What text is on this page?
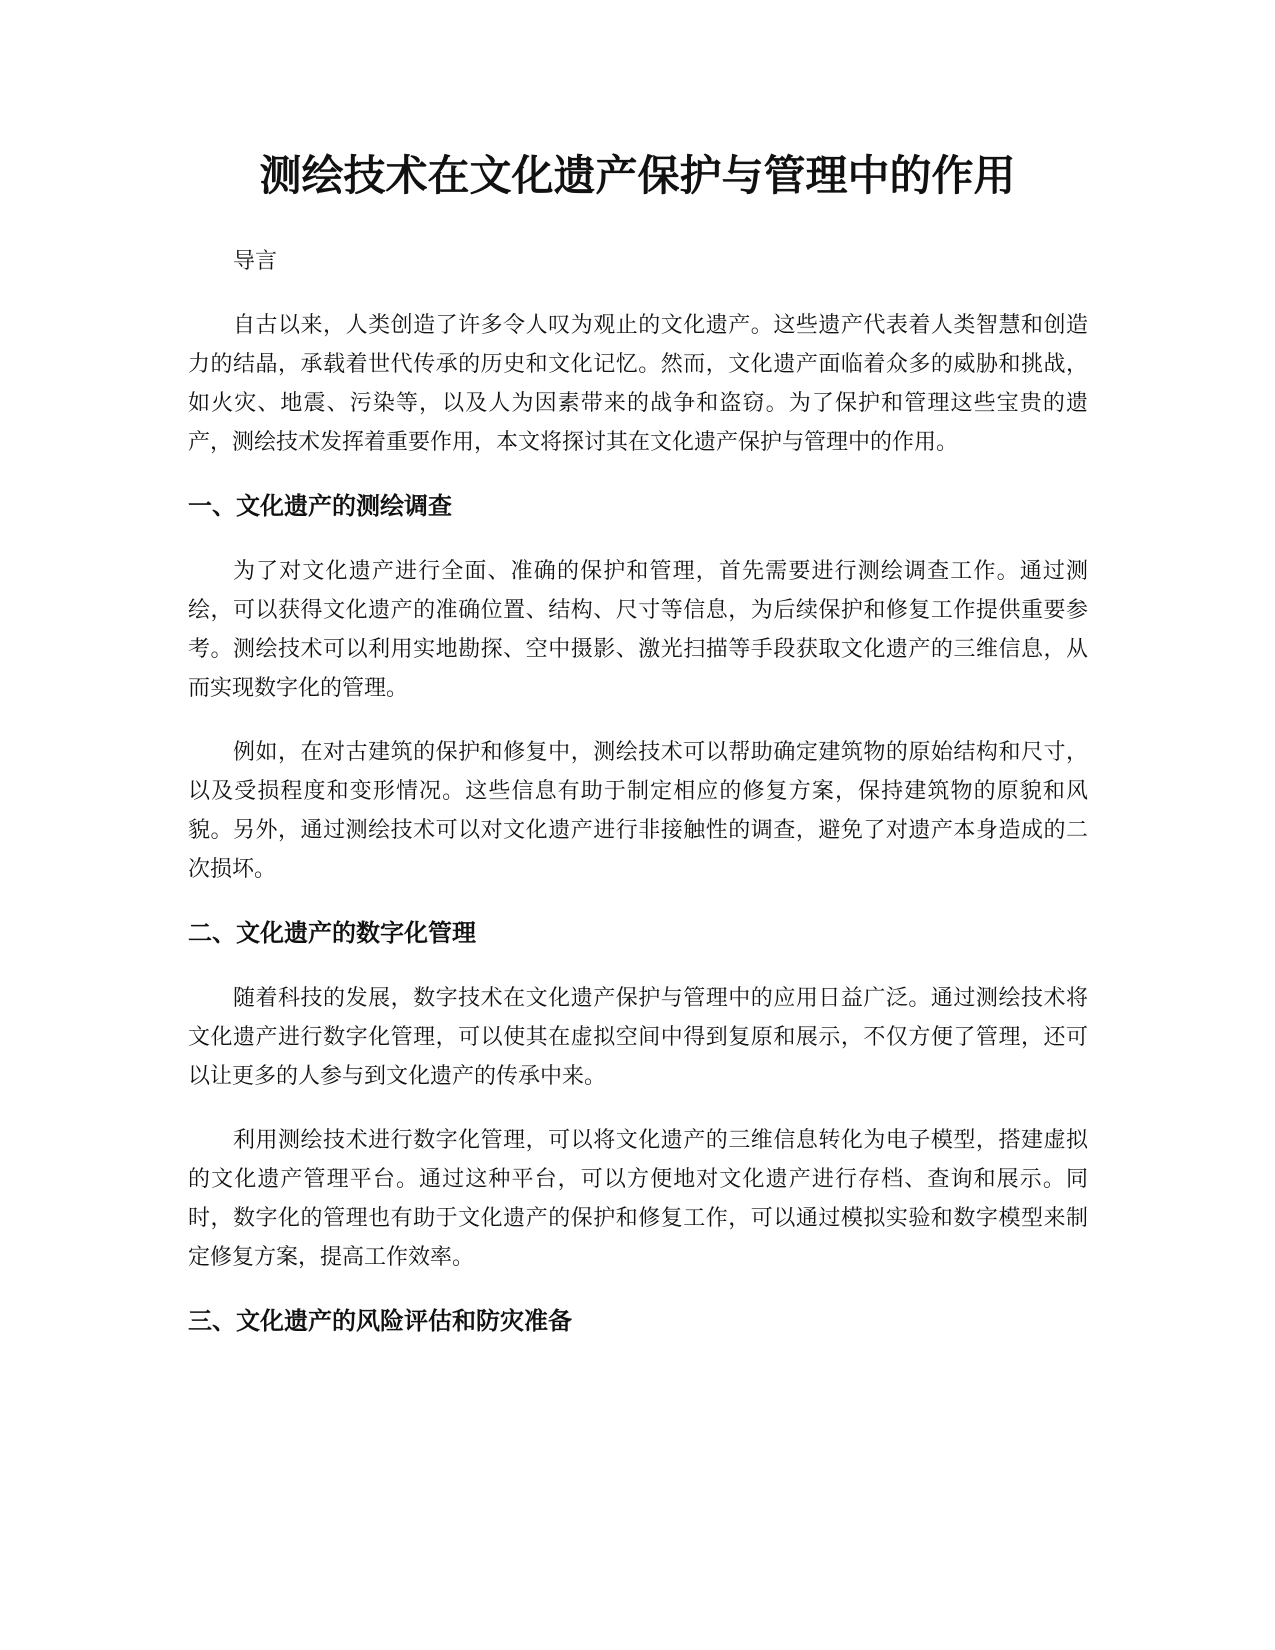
测绘技术在文化遗产保护与管理中的作用

导言

自古以来，人类创造了许多令人叹为观止的文化遗产。这些遗产代表着人类智慧和创造力的结晶，承载着世代传承的历史和文化记忆。然而，文化遗产面临着众多的威胁和挑战，如火灾、地震、污染等，以及人为因素带来的战争和盗窃。为了保护和管理这些宝贵的遗产，测绘技术发挥着重要作用，本文将探讨其在文化遗产保护与管理中的作用。

一、文化遗产的测绘调查

为了对文化遗产进行全面、准确的保护和管理，首先需要进行测绘调查工作。通过测绘，可以获得文化遗产的准确位置、结构、尺寸等信息，为后续保护和修复工作提供重要参考。测绘技术可以利用实地勘探、空中摄影、激光扫描等手段获取文化遗产的三维信息，从而实现数字化的管理。

例如，在对古建筑的保护和修复中，测绘技术可以帮助确定建筑物的原始结构和尺寸，以及受损程度和变形情况。这些信息有助于制定相应的修复方案，保持建筑物的原貌和风貌。另外，通过测绘技术可以对文化遗产进行非接触性的调查，避免了对遗产本身造成的二次损坏。

二、文化遗产的数字化管理

随着科技的发展，数字技术在文化遗产保护与管理中的应用日益广泛。通过测绘技术将文化遗产进行数字化管理，可以使其在虚拟空间中得到复原和展示，不仅方便了管理，还可以让更多的人参与到文化遗产的传承中来。

利用测绘技术进行数字化管理，可以将文化遗产的三维信息转化为电子模型，搭建虚拟的文化遗产管理平台。通过这种平台，可以方便地对文化遗产进行存档、查询和展示。同时，数字化的管理也有助于文化遗产的保护和修复工作，可以通过模拟实验和数字模型来制定修复方案，提高工作效率。

三、文化遗产的风险评估和防灾准备
